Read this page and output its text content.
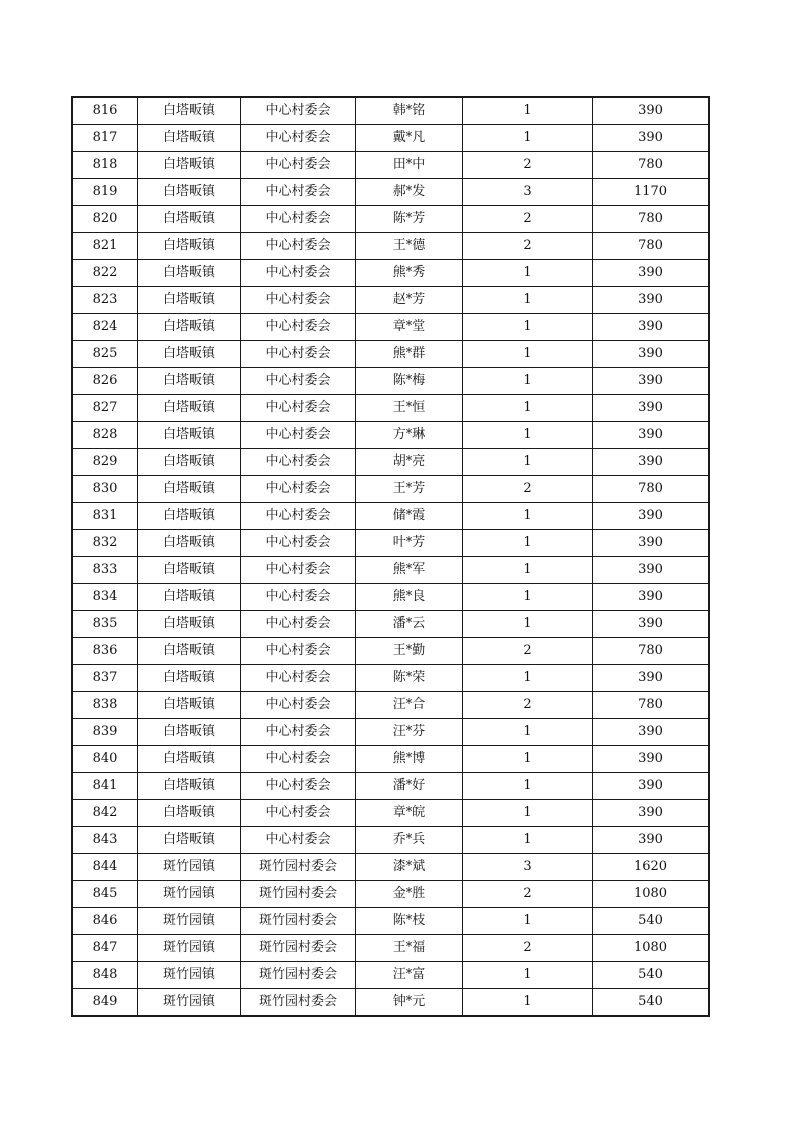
816	白塔畈镇	中心村委会	韩*铭	1	390
817	白塔畈镇	中心村委会	戴*凡	1	390
818	白塔畈镇	中心村委会	田*中	2	780
819	白塔畈镇	中心村委会	郝*发	3	1170
820	白塔畈镇	中心村委会	陈*芳	2	780
821	白塔畈镇	中心村委会	王*德	2	780
822	白塔畈镇	中心村委会	熊*秀	1	390
823	白塔畈镇	中心村委会	赵*芳	1	390
824	白塔畈镇	中心村委会	章*堂	1	390
825	白塔畈镇	中心村委会	熊*群	1	390
826	白塔畈镇	中心村委会	陈*梅	1	390
827	白塔畈镇	中心村委会	王*恒	1	390
828	白塔畈镇	中心村委会	方*琳	1	390
829	白塔畈镇	中心村委会	胡*亮	1	390
830	白塔畈镇	中心村委会	王*芳	2	780
831	白塔畈镇	中心村委会	储*霞	1	390
832	白塔畈镇	中心村委会	叶*芳	1	390
833	白塔畈镇	中心村委会	熊*军	1	390
834	白塔畈镇	中心村委会	熊*良	1	390
835	白塔畈镇	中心村委会	潘*云	1	390
836	白塔畈镇	中心村委会	王*勤	2	780
837	白塔畈镇	中心村委会	陈*荣	1	390
838	白塔畈镇	中心村委会	汪*合	2	780
839	白塔畈镇	中心村委会	汪*芬	1	390
840	白塔畈镇	中心村委会	熊*博	1	390
841	白塔畈镇	中心村委会	潘*好	1	390
842	白塔畈镇	中心村委会	章*皖	1	390
843	白塔畈镇	中心村委会	乔*兵	1	390
844	斑竹园镇	斑竹园村委会	漆*斌	3	1620
845	斑竹园镇	斑竹园村委会	金*胜	2	1080
846	斑竹园镇	斑竹园村委会	陈*枝	1	540
847	斑竹园镇	斑竹园村委会	王*福	2	1080
848	斑竹园镇	斑竹园村委会	汪*富	1	540
849	斑竹园镇	斑竹园村委会	钟*元	1	540
